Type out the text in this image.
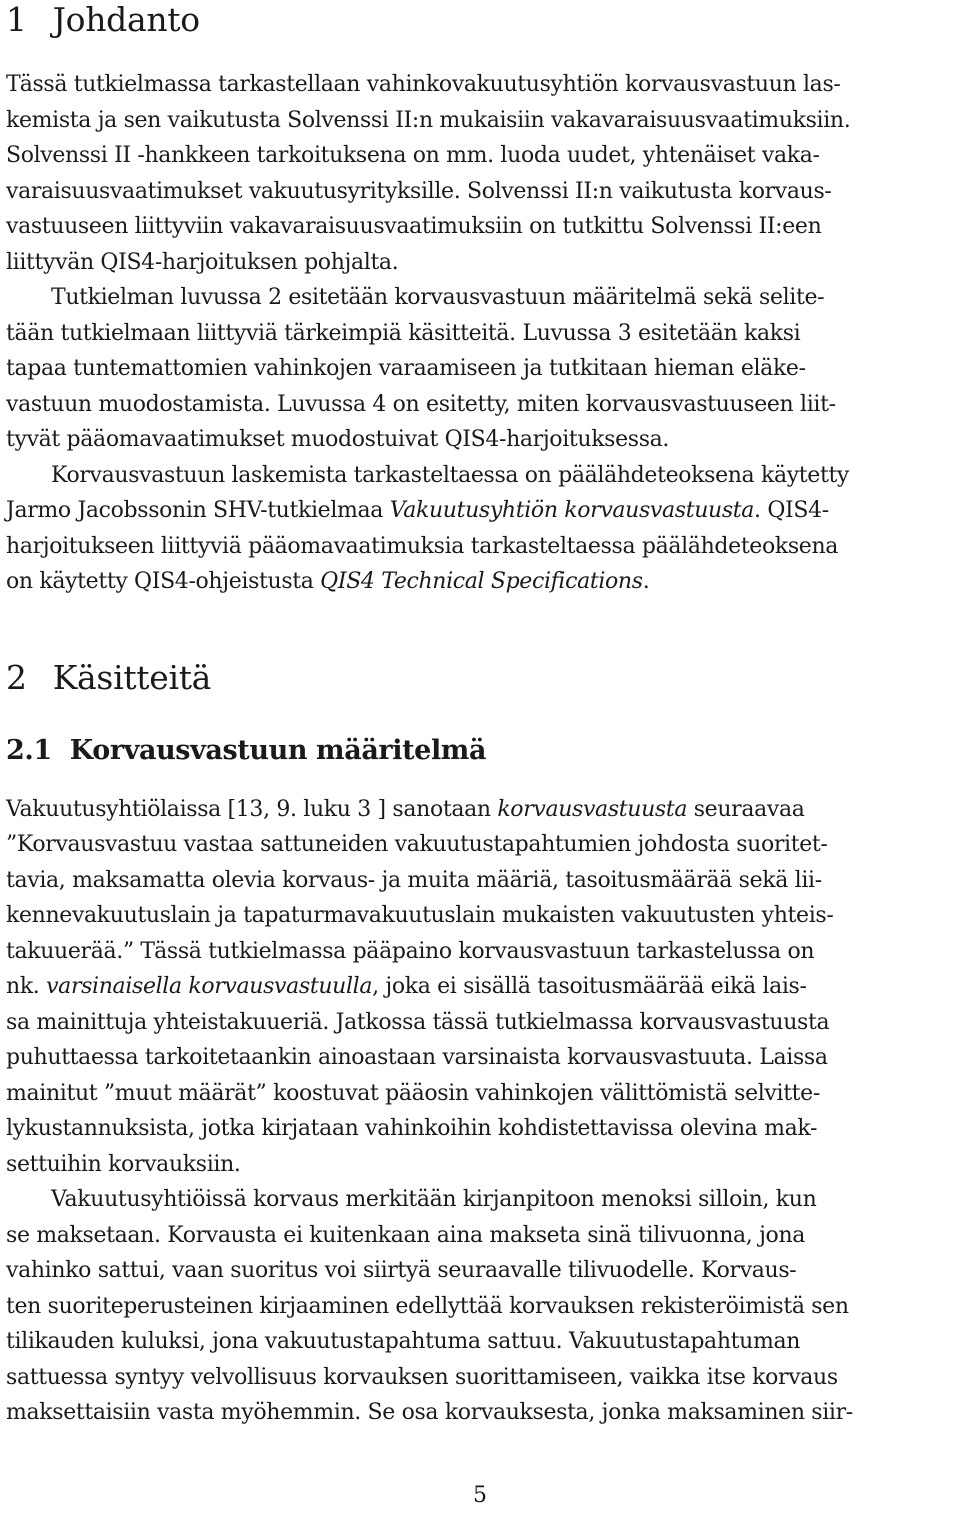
1 Johdanto
Tässä tutkielmassa tarkastellaan vahinkovakuutusyhtiön korvausvastuun las-
kemista ja sen vaikutusta Solvenssi II:n mukaisiin vakavaraisuusvaatimuksiin.
Solvenssi II -hankkeen tarkoituksena on mm. luoda uudet, yhtenäiset vaka-
varaisuusvaatimukset vakuutusyrityksille. Solvenssi II:n vaikutusta korvaus-
vastuuseen liittyviin vakavaraisuusvaatimuksiin on tutkittu Solvenssi II:een
liittyvän QIS4-harjoituksen pohjalta.
Tutkielman luvussa 2 esitetään korvausvastuun määritelmä sekä selite-
tään tutkielmaan liittyviä tärkeimpiä käsitteitä. Luvussa 3 esitetään kaksi
tapaa tuntemattomien vahinkojen varaamiseen ja tutkitaan hieman eläke-
vastuun muodostamista. Luvussa 4 on esitetty, miten korvausvastuuseen liit-
tyvät pääomavaatimukset muodostuivat QIS4-harjoituksessa.
Korvausvastuun laskemista tarkasteltaessa on päälähdeteoksena käytetty
Jarmo Jacobssonin SHV-tutkielmaa Vakuutusyhtiön korvausvastuusta. QIS4-
harjoitukseen liittyviä pääomavaatimuksia tarkasteltaessa päälähdeteoksena
on käytetty QIS4-ohjeistusta QIS4 Technical Specifications.
2 Käsitteitä
2.1 Korvausvastuun määritelmä
Vakuutusyhtiölaissa [13, 9. luku 3 ] sanotaan korvausvastuusta seuraavaa
”Korvausvastuu vastaa sattuneiden vakuutustapahtumien johdosta suoritet-
tavia, maksamatta olevia korvaus- ja muita määriä, tasoitusmäärää sekä lii-
kennevakuutuslain ja tapaturmavakuutuslain mukaisten vakuutusten yhteis-
takuuerää.” Tässä tutkielmassa pääpaino korvausvastuun tarkastelussa on
nk. varsinaisella korvausvastuulla, joka ei sisällä tasoitusmäärää eikä lais-
sa mainittuja yhteistakuueriä. Jatkossa tässä tutkielmassa korvausvastuusta
puhuttaessa tarkoitetaankin ainoastaan varsinaista korvausvastuuta. Laissa
mainitut ”muut määrät” koostuvat pääosin vahinkojen välittömistä selvitte-
lykustannuksista, jotka kirjataan vahinkoihin kohdistettavissa olevina mak-
settuihin korvauksiin.
Vakuutusyhtiöissä korvaus merkitään kirjanpitoon menoksi silloin, kun
se maksetaan. Korvausta ei kuitenkaan aina makseta sinä tilivuonna, jona
vahinko sattui, vaan suoritus voi siirtyä seuraavalle tilivuodelle. Korvaus-
ten suoriteperusteinen kirjaaminen edellyttää korvauksen rekisteröimistä sen
tilikauden kuluksi, jona vakuutustapahtuma sattuu. Vakuutustapahtuman
sattuessa syntyy velvollisuus korvauksen suorittamiseen, vaikka itse korvaus
maksettaisiin vasta myöhemmin. Se osa korvauksesta, jonka maksaminen siir-
5
